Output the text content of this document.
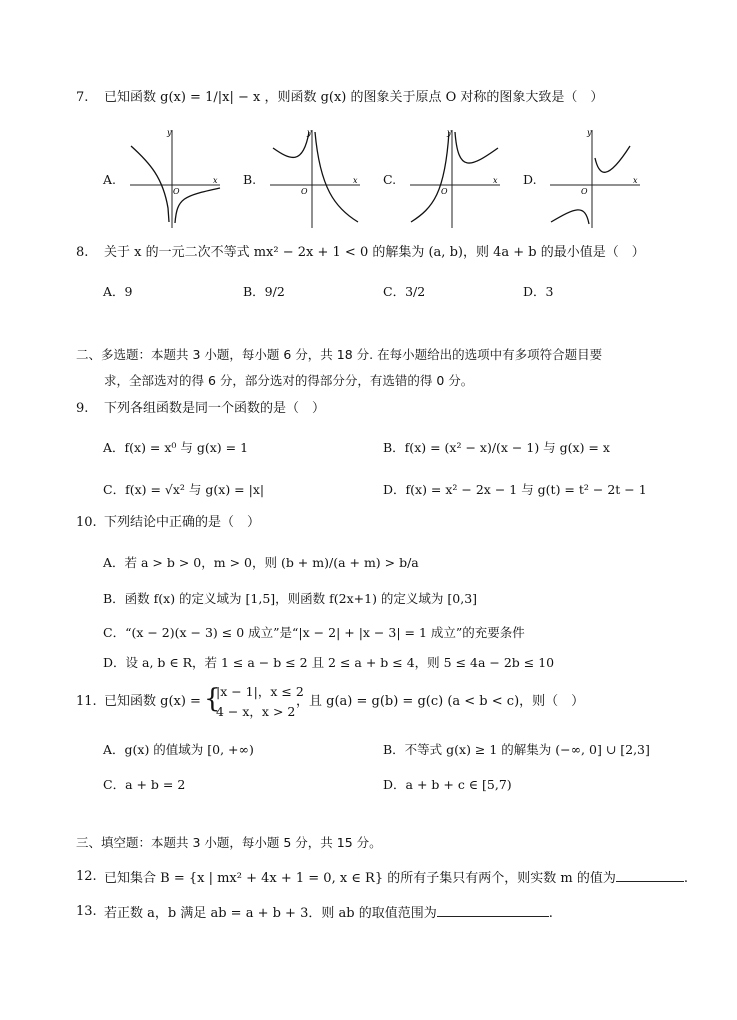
7. 已知函数 g(x) = 1/|x| − x ，则函数 g(x) 的图象关于原点 O 对称的图象大致是（　）
A.	B.	C.	D.
y
x
O
y
x
O
y
x
O
y
x
O
8. 关于 x 的一元二次不等式 mx² − 2x + 1 < 0 的解集为 (a, b)，则 4a + b 的最小值是（　）
A．9	B．9/2	C．3/2	D．3
二、多选题：本题共 3 小题，每小题 6 分，共 18 分. 在每小题给出的选项中有多项符合题目要
求，全部选对的得 6 分，部分选对的得部分分，有选错的得 0 分。
9. 下列各组函数是同一个函数的是（　）
A．f(x) = x⁰ 与 g(x) = 1	B．f(x) = (x² − x)/(x − 1) 与 g(x) = x
C．f(x) = √x² 与 g(x) = |x|	D．f(x) = x² − 2x − 1 与 g(t) = t² − 2t − 1
10. 下列结论中正确的是（　）
A．若 a > b > 0，m > 0，则 (b + m)/(a + m) > b/a
B．函数 f(x) 的定义域为 [1,5]，则函数 f(2x+1) 的定义域为 [0,3]
C．“(x − 2)(x − 3) ≤ 0 成立”是“|x − 2| + |x − 3| = 1 成立”的充要条件
D．设 a, b ∈ R，若 1 ≤ a − b ≤ 2 且 2 ≤ a + b ≤ 4，则 5 ≤ 4a − 2b ≤ 10
11. 已知函数 g(x) = {
|x − 1|，x ≤ 2
4 − x，x > 2
，且 g(a) = g(b) = g(c) (a < b < c)，则（　）
A．g(x) 的值域为 [0, +∞)	B．不等式 g(x) ≥ 1 的解集为 (−∞, 0] ∪ [2,3]
C．a + b = 2	D．a + b + c ∈ [5,7)
三、填空题：本题共 3 小题，每小题 5 分，共 15 分。
12. 已知集合 B = {x | mx² + 4x + 1 = 0, x ∈ R} 的所有子集只有两个，则实数 m 的值为	.
13. 若正数 a，b 满足 ab = a + b + 3．则 ab 的取值范围为	.
